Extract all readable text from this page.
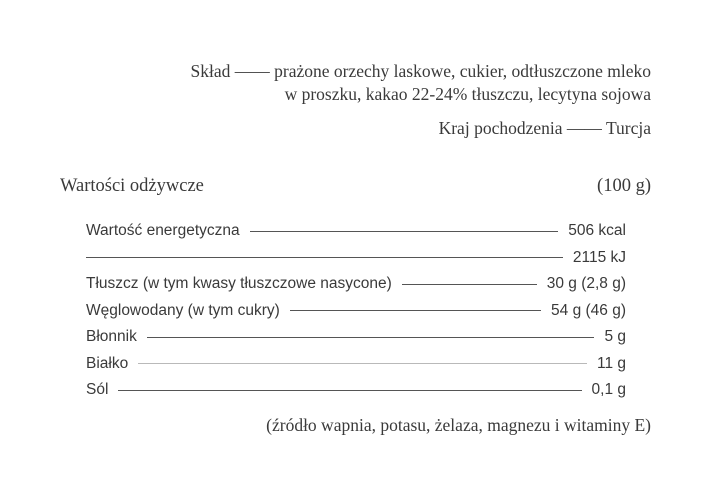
Skład —— prażone orzechy laskowe, cukier, odtłuszczone mleko
w proszku, kakao 22-24% tłuszczu, lecytyna sojowa
Kraj pochodzenia —— Turcja
Wartości odżywcze	(100 g)
Wartość energetyczna	506 kcal
2115 kJ
Tłuszcz (w tym kwasy tłuszczowe nasycone)	30 g (2,8 g)
Węglowodany (w tym cukry)	54 g (46 g)
Błonnik	5 g
Białko	11 g
Sól	0,1 g
(źródło wapnia, potasu, żelaza, magnezu i witaminy E)
